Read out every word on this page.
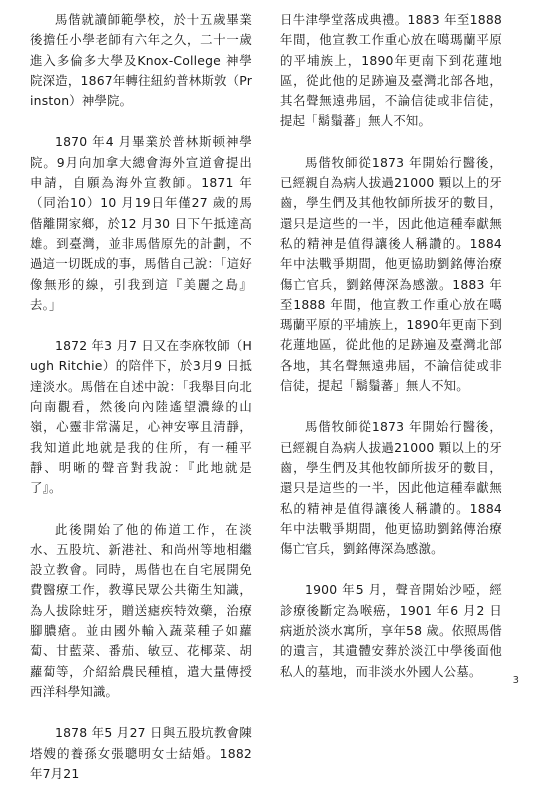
馬偕就讀師範學校，於十五歲畢業後擔任小學老師有六年之久，二十一歲進入多倫多大學及Knox-College 神學院深造，1867年轉往紐約普林斯敦（Prinston）神學院。

1870 年4 月畢業於普林斯顿神學院。9月向加拿大總會海外宣道會提出申請，自願為海外宣教師。1871 年（同治10）10 月19日年僅27 歲的馬偕離開家鄉，於12 月30 日下午抵達高雄。到臺灣，並非馬偕原先的計劃，不過這一切既成的事，馬偕自己說：「這好像無形的線，引我到這『美麗之島』去。」

1872 年3 月7 日又在李庥牧師（Hugh Ritchie）的陪伴下，於3月9 日抵達淡水。馬偕在自述中說：「我舉目向北向南觀看，然後向內陸遙望濃綠的山嶺，心靈非常滿足，心神安寧且清靜，我知道此地就是我的住所，有一種平靜、明晰的聲音對我說：『此地就是了』。

此後開始了他的佈道工作，在淡水、五股坑、新港社、和尚州等地相繼設立教會。同時，馬偕也在自宅展開免費醫療工作，教導民眾公共衛生知識，為人拔除蛀牙，贈送瘧疾特效藥，治療腳膿瘡。並由國外輸入蔬菜種子如蘿蔔、甘藍菜、番茄、敏豆、花椰菜、胡蘿蔔等，介紹給農民種植，遣大量傳授西洋科學知識。

1878 年5 月27 日與五股坑教會陳塔嫂的養孫女張聰明女士結婚。1882 年7月21

日牛津學堂落成典禮。1883 年至1888 年間，他宣教工作重心放在噶瑪蘭平原的平埔族上，1890年更南下到花蓮地區，從此他的足跡遍及臺灣北部各地，其名聲無遠弗屆，不論信徒或非信徒，提起「鬍鬚蕃」無人不知。

馬偕牧師從1873 年開始行醫後，已經親自為病人拔過21000 顆以上的牙齒，學生們及其他牧師所拔牙的數目，還只是這些的一半，因此他這種奉獻無私的精神是值得讓後人稱讚的。1884 年中法戰爭期間，他更協助劉銘傳治療傷亡官兵，劉銘傳深為感激。1883 年至1888 年間，他宣教工作重心放在噶瑪蘭平原的平埔族上，1890年更南下到花蓮地區，從此他的足跡遍及臺灣北部各地，其名聲無遠弗屆，不論信徒或非信徒，提起「鬍鬚蕃」無人不知。

馬偕牧師從1873 年開始行醫後，已經親自為病人拔過21000 顆以上的牙齒，學生們及其他牧師所拔牙的數目，還只是這些的一半，因此他這種奉獻無私的精神是值得讓後人稱讚的。1884 年中法戰爭期間，他更協助劉銘傳治療傷亡官兵，劉銘傳深為感激。

1900 年5 月，聲音開始沙啞，經診療後斷定為喉癌，1901 年6 月2 日病逝於淡水寓所，享年58 歲。依照馬偕的遺言，其遺體安葬於淡江中學後面他私人的墓地，而非淡水外國人公墓。

3
